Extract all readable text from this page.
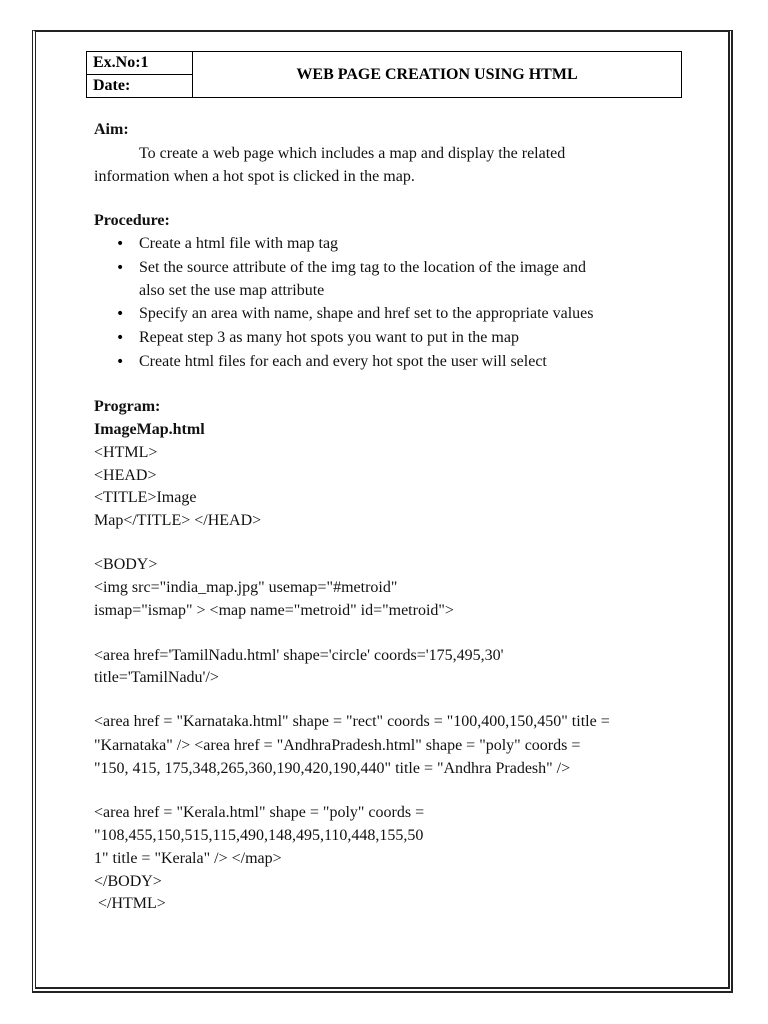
Ex.No:1
Date:
WEB PAGE CREATION USING HTML
Aim:
To create a web page which includes a map and display the related
information when a hot spot is clicked in the map.
Procedure:
• Create a html file with map tag
• Set the source attribute of the img tag to the location of the image and
also set the use map attribute
• Specify an area with name, shape and href set to the appropriate values
• Repeat step 3 as many hot spots you want to put in the map
• Create html files for each and every hot spot the user will select
Program:
ImageMap.html
<HTML>
<HEAD>
<TITLE>Image
Map</TITLE> </HEAD>
<BODY>
<img src="india_map.jpg" usemap="#metroid"
ismap="ismap" > <map name="metroid" id="metroid">
<area href='TamilNadu.html' shape='circle' coords='175,495,30'
title='TamilNadu'/>
<area href = "Karnataka.html" shape = "rect" coords = "100,400,150,450" title =
"Karnataka" /> <area href = "AndhraPradesh.html" shape = "poly" coords =
"150, 415, 175,348,265,360,190,420,190,440" title = "Andhra Pradesh" />
<area href = "Kerala.html" shape = "poly" coords =
"108,455,150,515,115,490,148,495,110,448,155,50
1" title = "Kerala" /> </map>
</BODY>
</HTML>
